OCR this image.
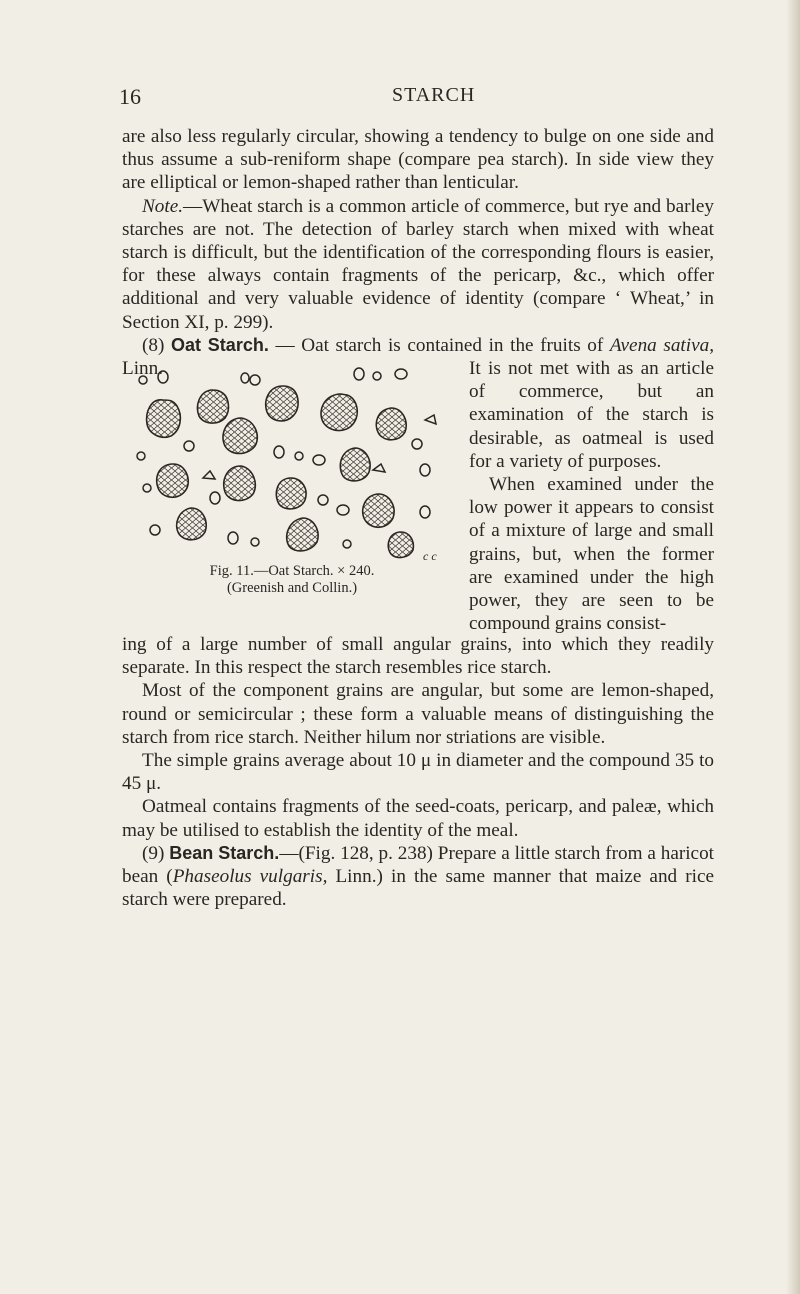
16	STARCH

are also less regularly circular, showing a tendency to bulge on one side and thus assume a sub-reniform shape (compare pea starch). In side view they are elliptical or lemon-shaped rather than lenticular.

Note.—Wheat starch is a common article of commerce, but rye and barley starches are not. The detection of barley starch when mixed with wheat starch is difficult, but the identification of the corresponding flours is easier, for these always contain fragments of the pericarp, &c., which offer additional and very valuable evidence of identity (compare ‘ Wheat,’ in Section XI, p. 299).

(8) Oat Starch. — Oat starch is contained in the fruits of Avena sativa, Linn.

c c
Fig. 11.—Oat Starch. × 240.
(Greenish and Collin.)

It is not met with as an article of commerce, but an examination of the starch is desirable, as oatmeal is used for a variety of purposes.

When examined under the low power it appears to consist of a mixture of large and small grains, but, when the former are examined under the high power, they are seen to be compound grains consist-

ing of a large number of small angular grains, into which they readily separate. In this respect the starch resembles rice starch.

Most of the component grains are angular, but some are lemon-shaped, round or semicircular ; these form a valuable means of distinguishing the starch from rice starch. Neither hilum nor striations are visible.

The simple grains average about 10 μ in diameter and the compound 35 to 45 μ.

Oatmeal contains fragments of the seed-coats, pericarp, and paleæ, which may be utilised to establish the identity of the meal.

(9) Bean Starch.—(Fig. 128, p. 238) Prepare a little starch from a haricot bean (Phaseolus vulgaris, Linn.) in the same manner that maize and rice starch were prepared.
